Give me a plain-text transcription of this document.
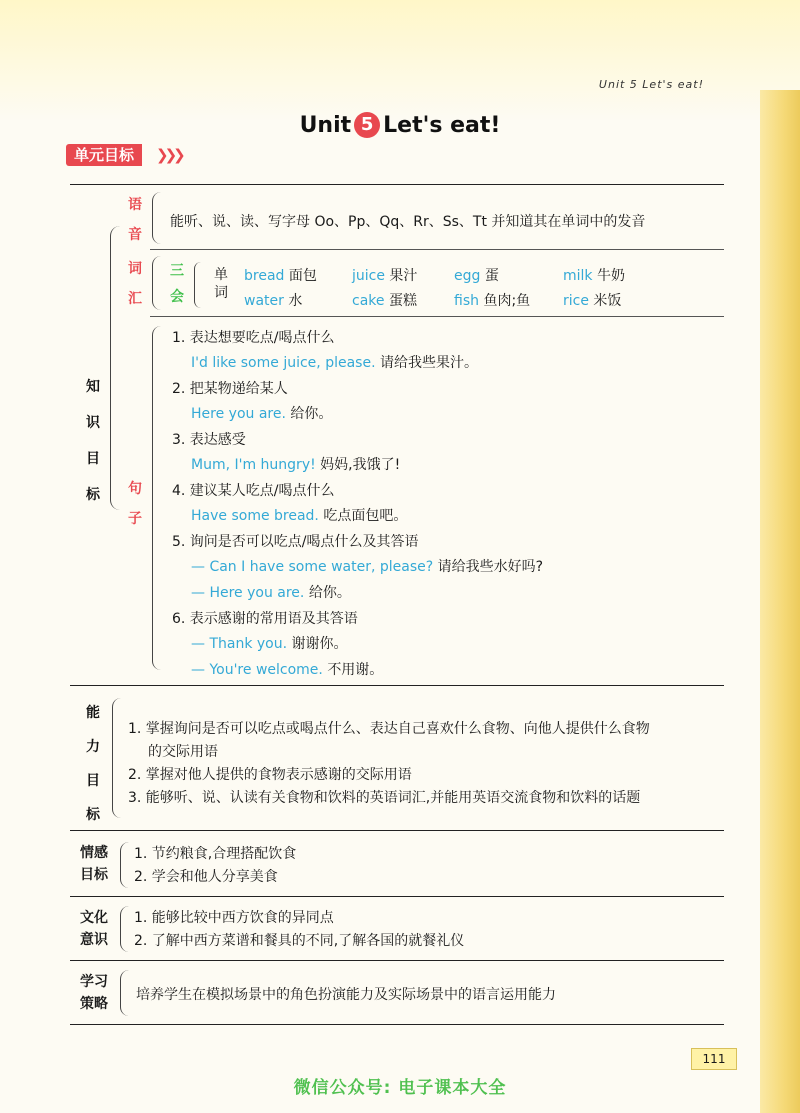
Unit 5 Let's eat!
Unit 5 Let's eat!
单元目标	❯❯❯
知
识
目
标
语
音
能听、说、读、写字母 Oo、Pp、Qq、Rr、Ss、Tt 并知道其在单词中的发音
词
汇
三
会
单
词
bread 面包	juice 果汁	egg 蛋	milk 牛奶
water 水	cake 蛋糕	fish 鱼肉;鱼 rice 米饭
句
子
1. 表达想要吃点/喝点什么
I'd like some juice, please. 请给我些果汁。
2. 把某物递给某人
Here you are. 给你。
3. 表达感受
Mum, I'm hungry! 妈妈,我饿了!
4. 建议某人吃点/喝点什么
Have some bread. 吃点面包吧。
5. 询问是否可以吃点/喝点什么及其答语
— Can I have some water, please? 请给我些水好吗?
— Here you are. 给你。
6. 表示感谢的常用语及其答语
— Thank you. 谢谢你。
— You're welcome. 不用谢。
能
力
目
标
1. 掌握询问是否可以吃点或喝点什么、表达自己喜欢什么食物、向他人提供什么食物
的交际用语
2. 掌握对他人提供的食物表示感谢的交际用语
3. 能够听、说、认读有关食物和饮料的英语词汇,并能用英语交流食物和饮料的话题
情感
目标
1. 节约粮食,合理搭配饮食
2. 学会和他人分享美食
文化
意识
1. 能够比较中西方饮食的异同点
2. 了解中西方菜谱和餐具的不同,了解各国的就餐礼仪
学习
策略
培养学生在模拟场景中的角色扮演能力及实际场景中的语言运用能力
111
微信公众号: 电子课本大全
